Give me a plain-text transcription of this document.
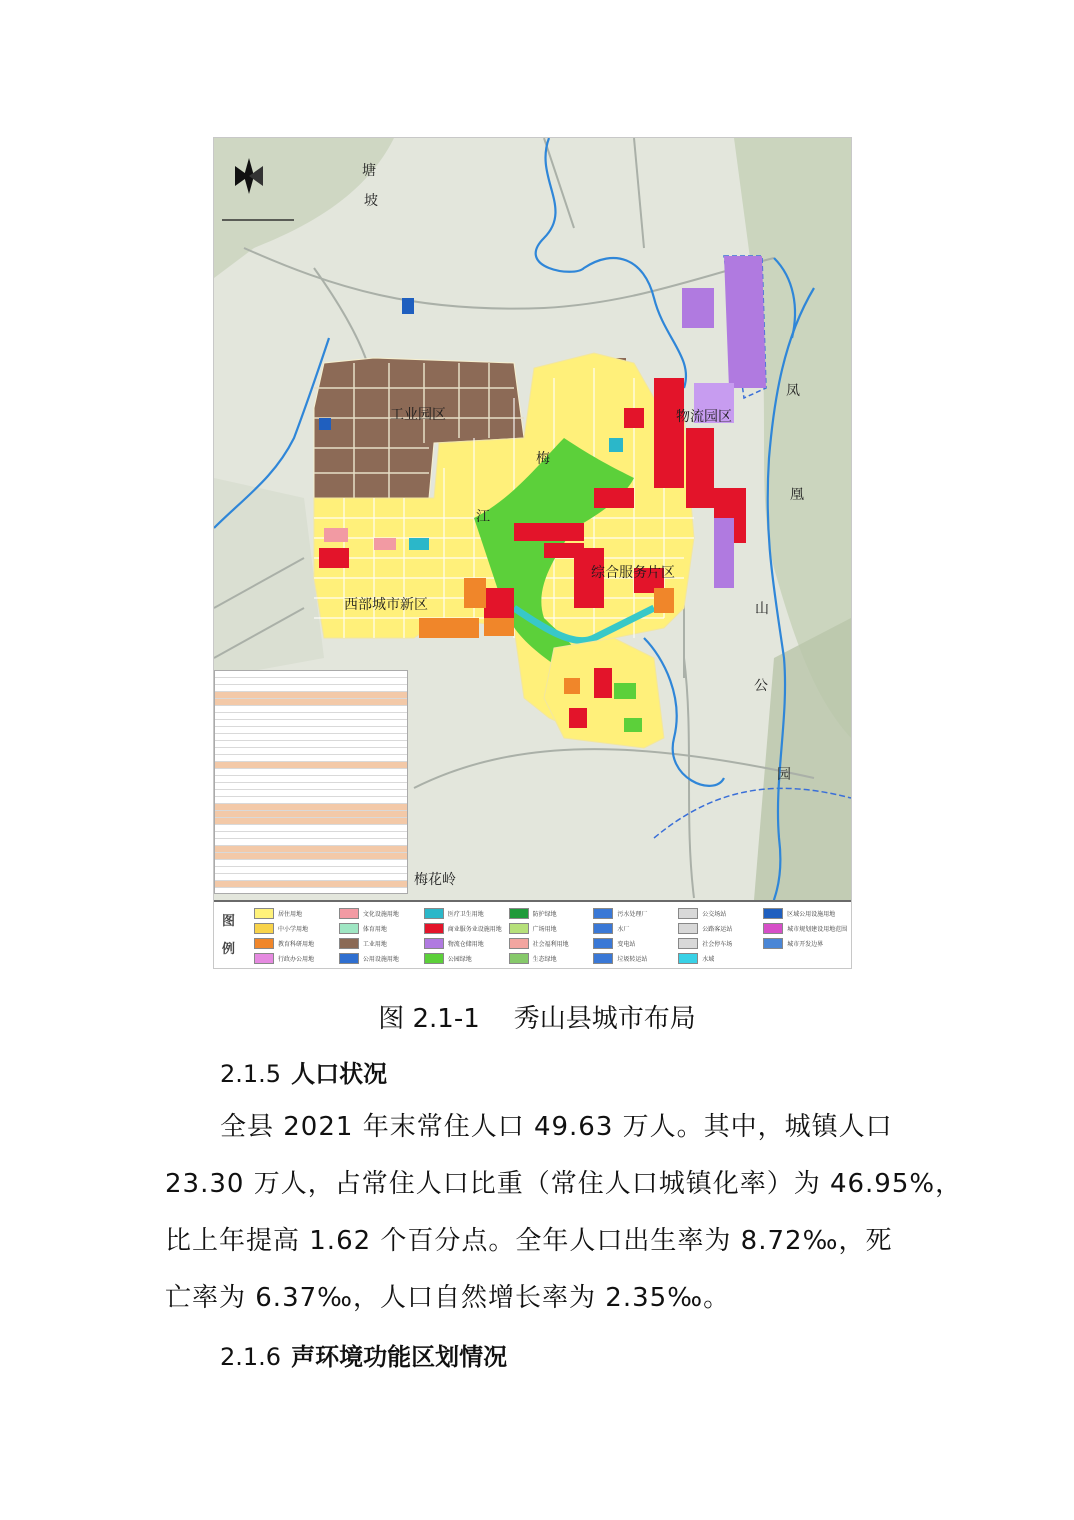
工业园区	物流园区
综合服务片区
西部城市新区
梅花岭
凤
凰
山
公
园
塘
坡
梅
江
图
例
居住用地	文化设施用地	医疗卫生用地	防护绿地	污水处理厂	公交场站	区域公用设施用地
中小学用地	体育用地	商业服务业设施用地	广场用地	水厂	公路客运站	城市规划建设用地范围
教育科研用地	工业用地	物流仓储用地	社会福利用地	变电站	社会停车场	城市开发边界
行政办公用地	公用设施用地	公园绿地	生态绿地	垃圾转运站	水域
图 2.1-1 秀山县城市布局
2.1.5 人口状况
全县 2021 年末常住人口 49.63 万人。其中，城镇人口
23.30 万人，占常住人口比重（常住人口城镇化率）为 46.95%，
比上年提高 1.62 个百分点。全年人口出生率为 8.72‰，死
亡率为 6.37‰，人口自然增长率为 2.35‰。
2.1.6 声环境功能区划情况
